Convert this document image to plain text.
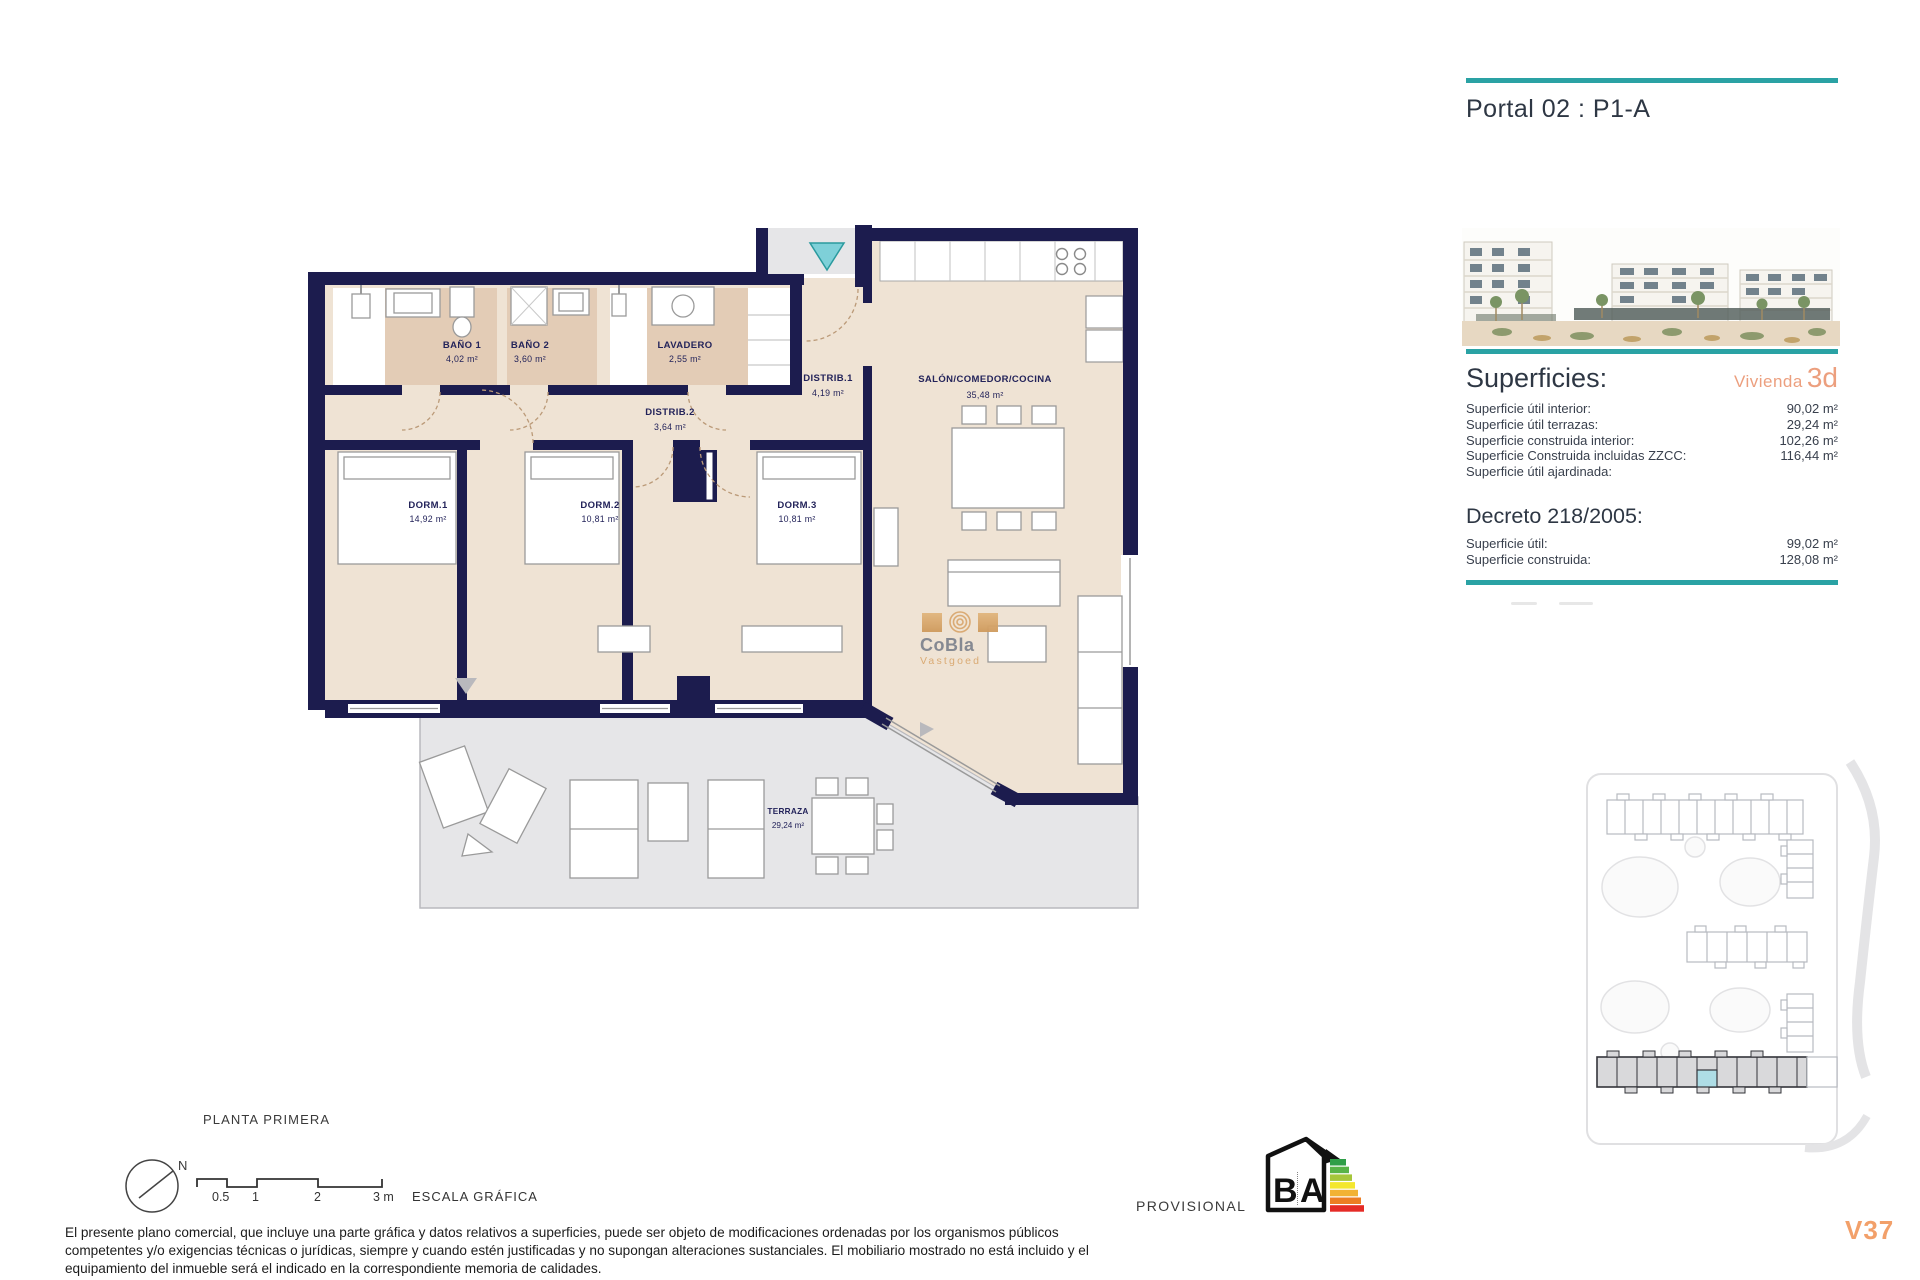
Portal 02 : P1-A
Superficies:	Vivienda 3d
Superficie útil interior:	90,02 m²
Superficie útil terrazas:	29,24 m²
Superficie construida interior:	102,26 m²
Superficie Construida incluidas ZZCC:	116,44 m²
Superficie útil ajardinada:
Decreto 218/2005:
Superficie útil:	99,02 m²
Superficie construida:	128,08 m²
BAÑO 1
4,02 m²
BAÑO 2
3,60 m²
LAVADERO
2,55 m²
DISTRIB.1
4,19 m²
DISTRIB.2
3,64 m²
SALÓN/COMEDOR/COCINA
35,48 m²
DORM.1
14,92 m²
DORM.2
10,81 m²
DORM.3
10,81 m²
TERRAZA
29,24 m²
CoBla
Vastgoed
PLANTA PRIMERA
N
0.5 1	2	3 m ESCALA GRÁFICA
PROVISIONAL B A
El presente plano comercial, que incluye una parte gráfica y datos relativos a superficies, puede ser objeto de modificaciones ordenadas por los organismos públicos competentes y/o exigencias técnicas o jurídicas, siempre y cuando estén justificadas y no supongan alteraciones sustanciales. El mobiliario mostrado no está incluido y el equipamiento del inmueble será el indicado en la correspondiente memoria de calidades.
V37
